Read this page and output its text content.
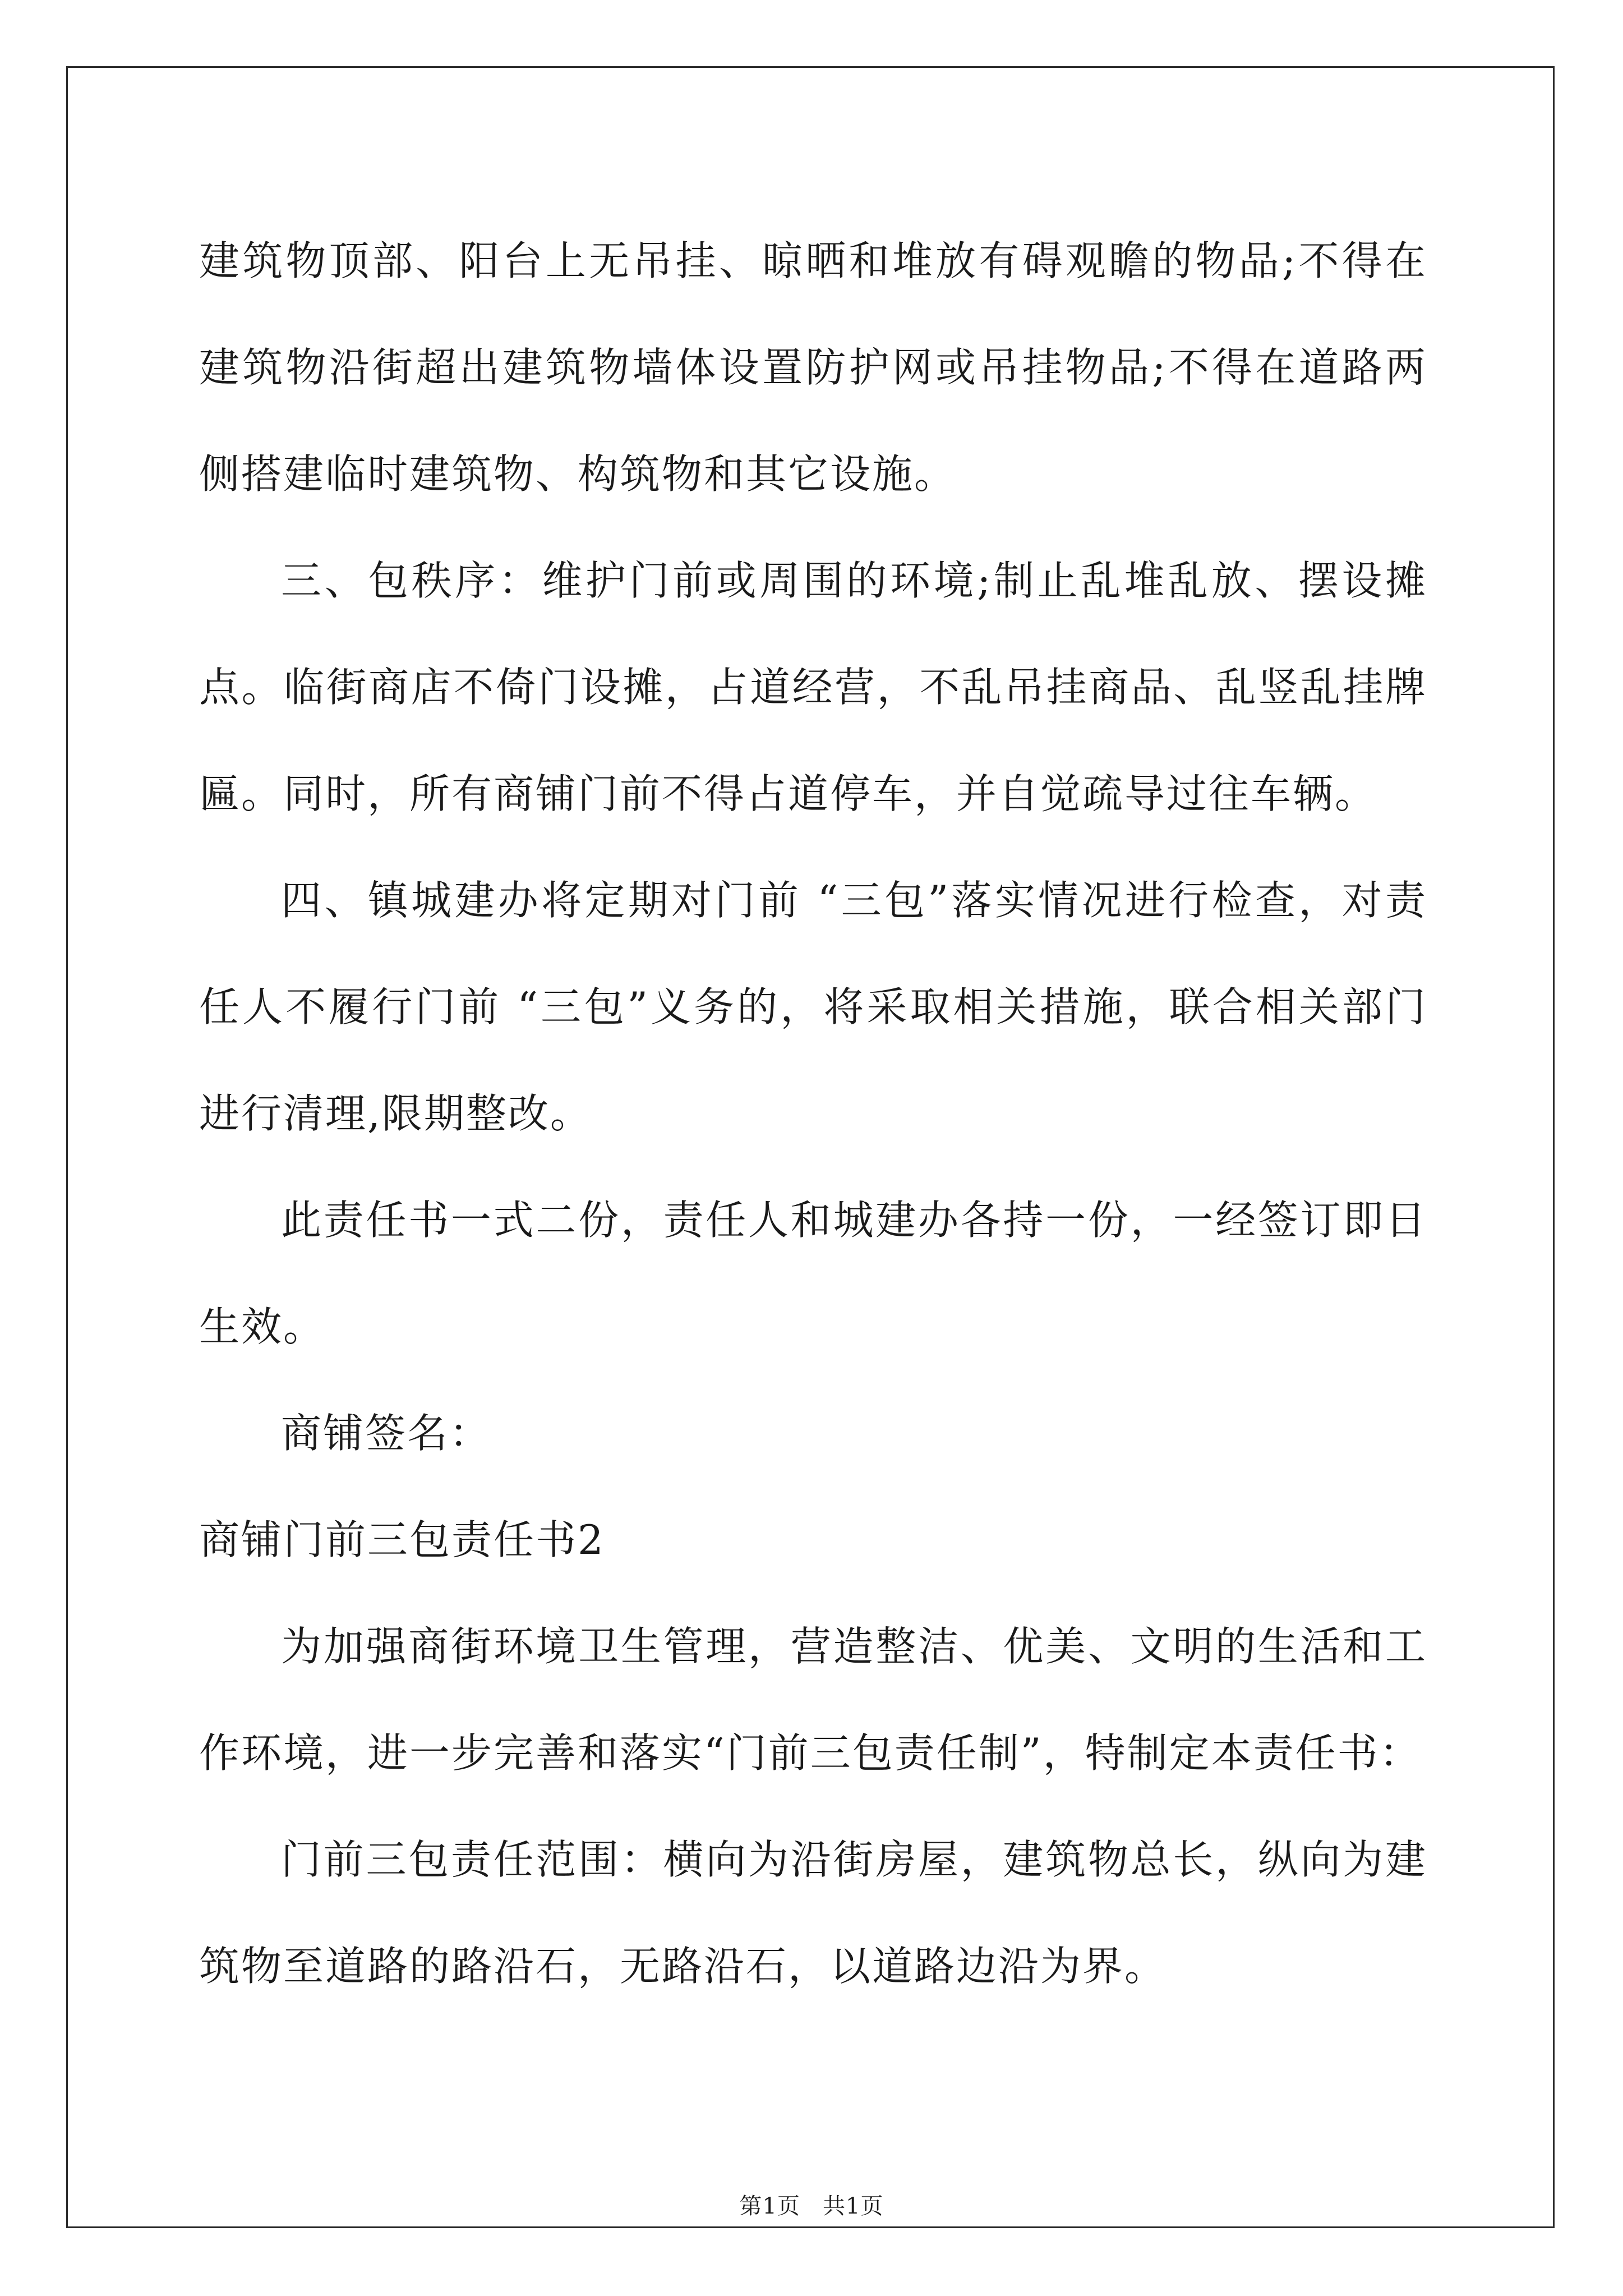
建筑物顶部、阳台上无吊挂、晾晒和堆放有碍观瞻的物品;不得在建筑物沿街超出建筑物墙体设置防护网或吊挂物品;不得在道路两侧搭建临时建筑物、构筑物和其它设施。

三、包秩序：维护门前或周围的环境;制止乱堆乱放、摆设摊点。临街商店不倚门设摊，占道经营，不乱吊挂商品、乱竖乱挂牌匾。同时，所有商铺门前不得占道停车，并自觉疏导过往车辆。

四、镇城建办将定期对门前 “三包”落实情况进行检查，对责任人不履行门前 “三包”义务的，将采取相关措施，联合相关部门进行清理,限期整改。

此责任书一式二份，责任人和城建办各持一份，一经签订即日生效。

商铺签名：

商铺门前三包责任书2

为加强商街环境卫生管理，营造整洁、优美、文明的生活和工作环境，进一步完善和落实“门前三包责任制”，特制定本责任书：

门前三包责任范围：横向为沿街房屋，建筑物总长，纵向为建筑物至道路的路沿石，无路沿石，以道路边沿为界。

第1页 共1页
